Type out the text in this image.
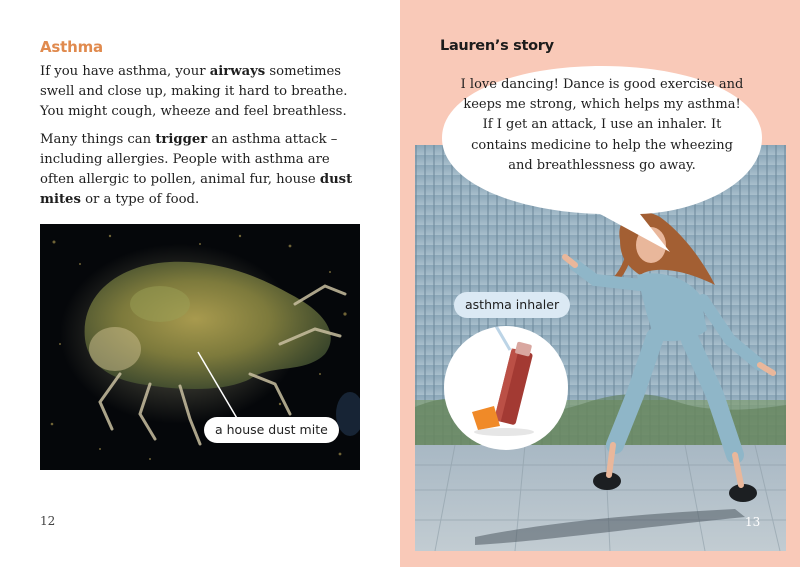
Asthma

If you have asthma, your airways sometimes swell and close up, making it hard to breathe. You might cough, wheeze and feel breathless.

Many things can trigger an asthma attack – including allergies. People with asthma are often allergic to pollen, animal fur, house dust mites or a type of food.

a house dust mite
12
Lauren’s story
I love dancing! Dance is good exercise and keeps me strong, which helps my asthma! If I get an attack, I use an inhaler. It contains medicine to help the wheezing and breathlessness go away.
asthma inhaler
13
